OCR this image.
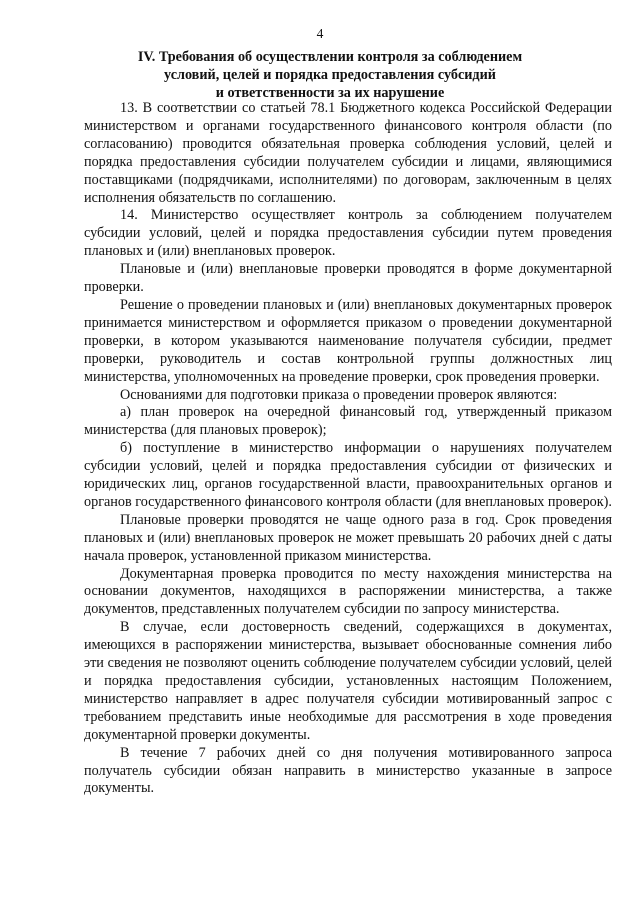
4
IV. Требования об осуществлении контроля за соблюдением
условий, целей и порядка предоставления субсидий
и ответственности за их нарушение

13. В соответствии со статьей 78.1 Бюджетного кодекса Российской Федерации министерством и органами государственного финансового контроля области (по согласованию) проводится обязательная проверка соблюдения условий, целей и порядка предоставления субсидии получателем субсидии и лицами, являющимися поставщиками (подрядчиками, исполнителями) по договорам, заключенным в целях исполнения обязательств по соглашению.

14. Министерство осуществляет контроль за соблюдением получателем субсидии условий, целей и порядка предоставления субсидии путем проведения плановых и (или) внеплановых проверок.

Плановые и (или) внеплановые проверки проводятся в форме документарной проверки.

Решение о проведении плановых и (или) внеплановых документарных проверок принимается министерством и оформляется приказом о проведении документарной проверки, в котором указываются наименование получателя субсидии, предмет проверки, руководитель и состав контрольной группы должностных лиц министерства, уполномоченных на проведение проверки, срок проведения проверки.

Основаниями для подготовки приказа о проведении проверок являются:

а) план проверок на очередной финансовый год, утвержденный приказом министерства (для плановых проверок);

б) поступление в министерство информации о нарушениях получателем субсидии условий, целей и порядка предоставления субсидии от физических и юридических лиц, органов государственной власти, правоохранительных органов и органов государственного финансового контроля области (для внеплановых проверок).

Плановые проверки проводятся не чаще одного раза в год. Срок проведения плановых и (или) внеплановых проверок не может превышать 20 рабочих дней с даты начала проверок, установленной приказом министерства.

Документарная проверка проводится по месту нахождения министерства на основании документов, находящихся в распоряжении министерства, а также документов, представленных получателем субсидии по запросу министерства.

В случае, если достоверность сведений, содержащихся в документах, имеющихся в распоряжении министерства, вызывает обоснованные сомнения либо эти сведения не позволяют оценить соблюдение получателем субсидии условий, целей и порядка предоставления субсидии, установленных настоящим Положением, министерство направляет в адрес получателя субсидии мотивированный запрос с требованием представить иные необходимые для рассмотрения в ходе проведения документарной проверки документы.

В течение 7 рабочих дней со дня получения мотивированного запроса получатель субсидии обязан направить в министерство указанные в запросе документы.
